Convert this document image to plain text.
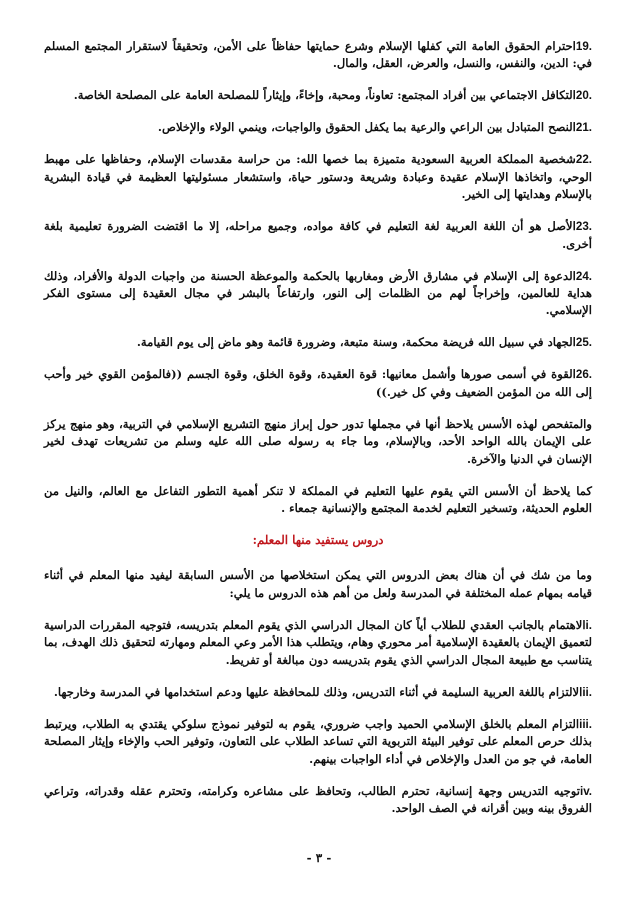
19.احترام الحقوق العامة التي كفلها الإسلام وشرع حمايتها حفاظاً على الأمن، وتحقيقاً لاستقرار المجتمع المسلم في: الدين، والنفس، والنسل، والعرض، العقل، والمال.

20.التكافل الاجتماعي بين أفراد المجتمع: تعاوناً، ومحبة، وإخاءً، وإيثاراً للمصلحة العامة على المصلحة الخاصة.

21.النصح المتبادل بين الراعي والرعية بما يكفل الحقوق والواجبات، وينمي الولاء والإخلاص.

22.شخصية المملكة العربية السعودية متميزة بما خصها الله: من حراسة مقدسات الإسلام، وحفاظها على مهبط الوحي، واتخاذها الإسلام عقيدة وعبادة وشريعة ودستور حياة، واستشعار مسئوليتها العظيمة في قيادة البشرية بالإسلام وهدايتها إلى الخير.

23.الأصل هو أن اللغة العربية لغة التعليم في كافة مواده، وجميع مراحله، إلا ما اقتضت الضرورة تعليمية بلغة أخرى.

24.الدعوة إلى الإسلام في مشارق الأرض ومغاربها بالحكمة والموعظة الحسنة من واجبات الدولة والأفراد، وذلك هداية للعالمين، وإخراجاً لهم من الظلمات إلى النور، وارتفاعاً بالبشر في مجال العقيدة إلى مستوى الفكر الإسلامي.

25.الجهاد في سبيل الله فريضة محكمة، وسنة متبعة، وضرورة قائمة وهو ماض إلى يوم القيامة.

26.القوة في أسمى صورها وأشمل معانيها: قوة العقيدة، وقوة الخلق، وقوة الجسم ((فالمؤمن القوي خير وأحب إلى الله من المؤمن الضعيف وفي كل خير.))

والمتفحص لهذه الأسس يلاحظ أنها في مجملها تدور حول إبراز منهج التشريع الإسلامي في التربية، وهو منهج يركز على الإيمان بالله الواحد الأحد، وبالإسلام، وما جاء به رسوله صلى الله عليه وسلم من تشريعات تهدف لخير الإنسان في الدنيا والآخرة.

كما يلاحظ أن الأسس التي يقوم عليها التعليم في المملكة لا تنكر أهمية التطور التفاعل مع العالم، والنيل من العلوم الحديثة، وتسخير التعليم لخدمة المجتمع والإنسانية جمعاء .

دروس يستفيد منها المعلم:

وما من شك في أن هناك بعض الدروس التي يمكن استخلاصها من الأسس السابقة ليفيد منها المعلم في أثناء قيامه بمهام عمله المختلفة في المدرسة ولعل من أهم هذه الدروس ما يلي:

i.الاهتمام بالجانب العقدي للطلاب أياً كان المجال الدراسي الذي يقوم المعلم بتدريسه، فتوجيه المقررات الدراسية لتعميق الإيمان بالعقيدة الإسلامية أمر محوري وهام، ويتطلب هذا الأمر وعي المعلم ومهارته لتحقيق ذلك الهدف، بما يتناسب مع طبيعة المجال الدراسي الذي يقوم بتدريسه دون مبالغة أو تفريط.

ii.الالتزام باللغة العربية السليمة في أثناء التدريس، وذلك للمحافظة عليها ودعم استخدامها في المدرسة وخارجها.

iii.التزام المعلم بالخلق الإسلامي الحميد واجب ضروري، يقوم به لتوفير نموذج سلوكي يقتدي به الطلاب، ويرتبط بذلك حرص المعلم على توفير البيئة التربوية التي تساعد الطلاب على التعاون، وتوفير الحب والإخاء وإيثار المصلحة العامة، في جو من العدل والإخلاص في أداء الواجبات بينهم.

iv.توجيه التدريس وجهة إنسانية، تحترم الطالب، وتحافظ على مشاعره وكرامته، وتحترم عقله وقدراته، وتراعي الفروق بينه وبين أقرانه في الصف الواحد.

- ٣ -
